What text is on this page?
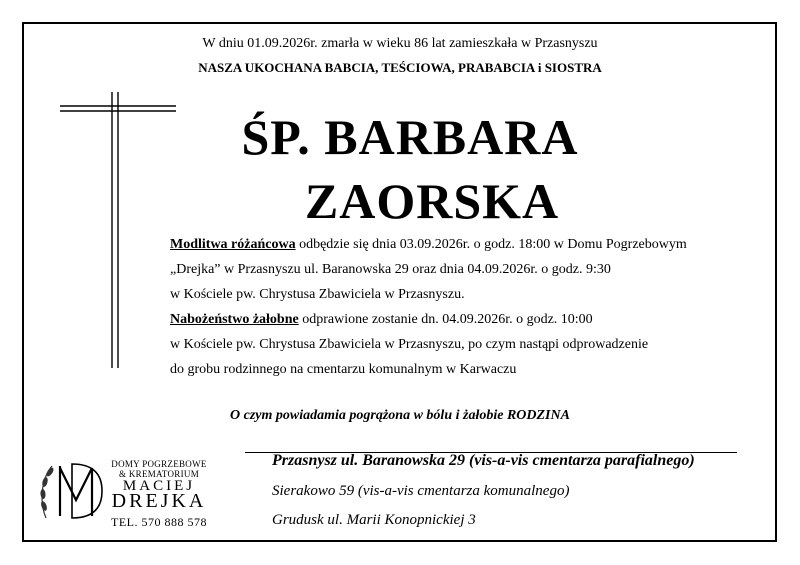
W dniu 01.09.2026r. zmarła w wieku 86 lat zamieszkała w Przasnyszu
NASZA UKOCHANA BABCIA, TEŚCIOWA, PRABABCIA i SIOSTRA
ŚP. BARBARA
ZAORSKA
Modlitwa różańcowa odbędzie się dnia 03.09.2026r. o godz. 18:00 w Domu Pogrzebowym
„Drejka” w Przasnyszu ul. Baranowska 29 oraz dnia 04.09.2026r. o godz. 9:30
w Kościele pw. Chrystusa Zbawiciela w Przasnyszu.
Nabożeństwo żałobne odprawione zostanie dn. 04.09.2026r. o godz. 10:00
w Kościele pw. Chrystusa Zbawiciela w Przasnyszu, po czym nastąpi odprowadzenie
do grobu rodzinnego na cmentarzu komunalnym w Karwaczu
O czym powiadamia pogrążona w bólu i żałobie RODZINA
DOMY POGRZEBOWE
& KREMATORIUM
MACIEJ
DREJKA
TEL. 570 888 578
Przasnysz ul. Baranowska 29 (vis-a-vis cmentarza parafialnego)
Sierakowo 59 (vis-a-vis cmentarza komunalnego)
Grudusk ul. Marii Konopnickiej 3
